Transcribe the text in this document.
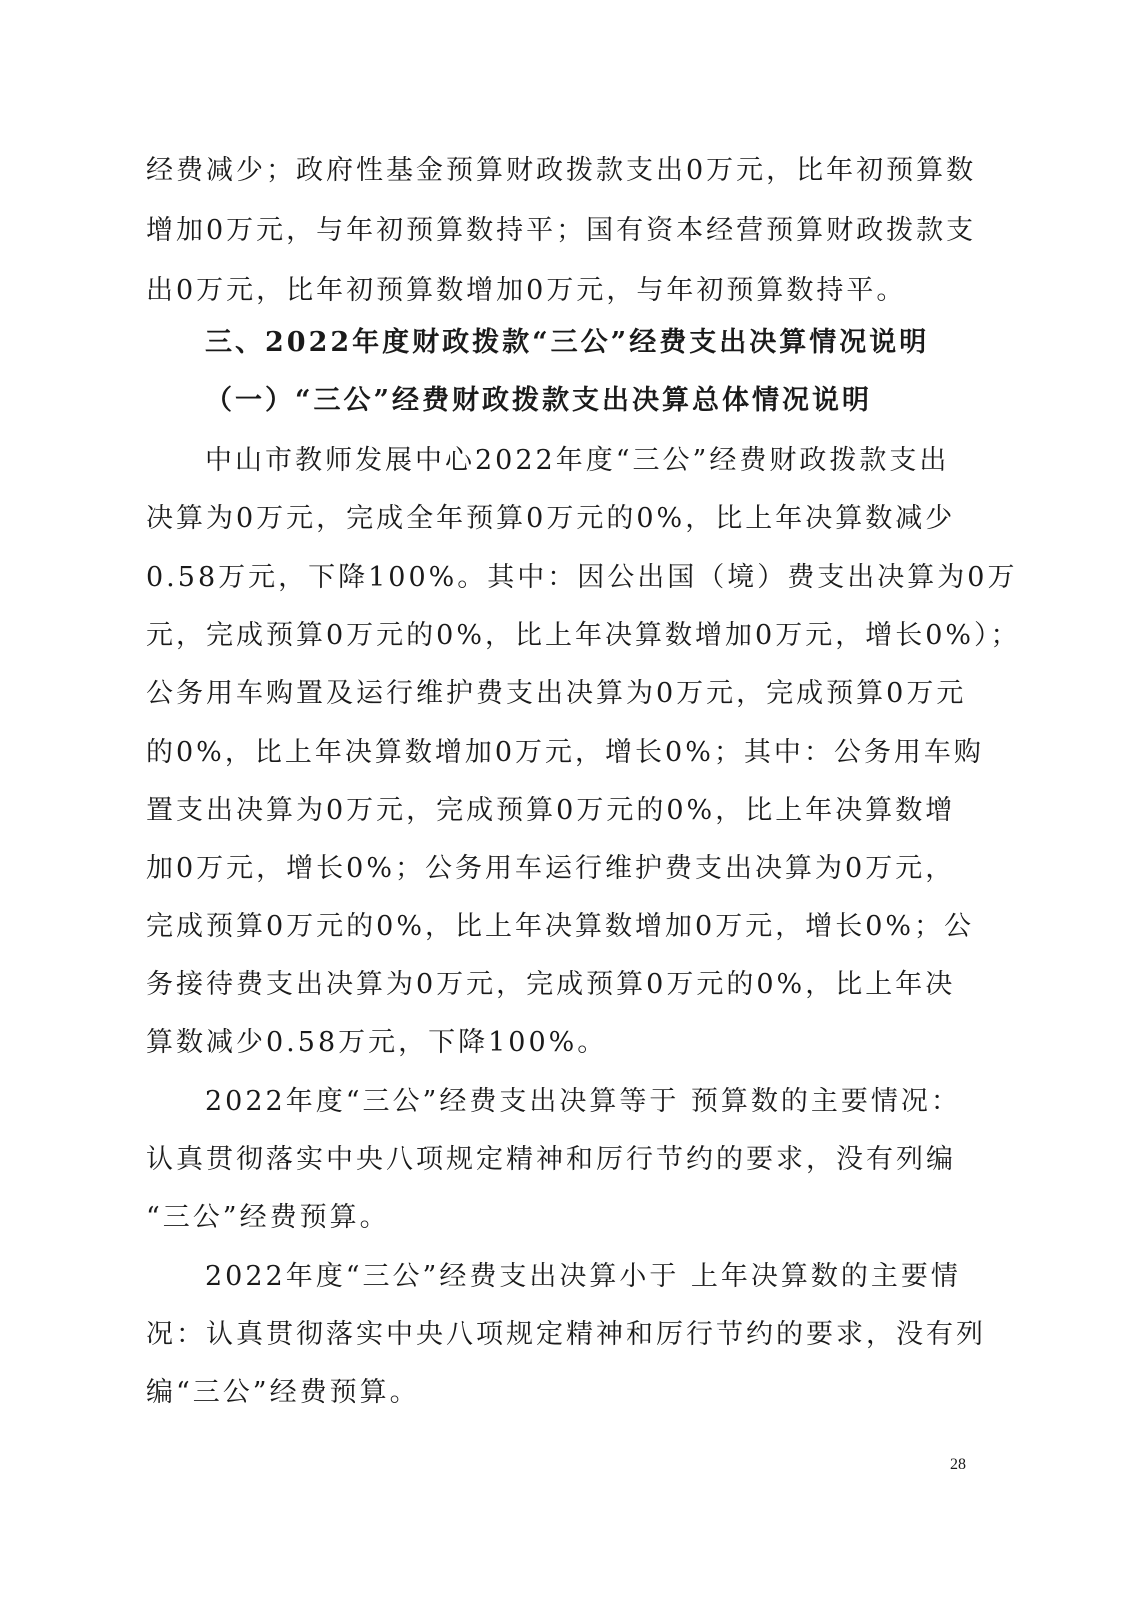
经费减少；政府性基金预算财政拨款支出0万元，比年初预算数
增加0万元，与年初预算数持平；国有资本经营预算财政拨款支
出0万元，比年初预算数增加0万元，与年初预算数持平。
三、2022年度财政拨款“三公”经费支出决算情况说明
（一）“三公”经费财政拨款支出决算总体情况说明
中山市教师发展中心2022年度“三公”经费财政拨款支出
决算为0万元，完成全年预算0万元的0%，比上年决算数减少
0.58万元，下降100%。其中：因公出国（境）费支出决算为0万
元，完成预算0万元的0%，比上年决算数增加0万元，增长0%）；
公务用车购置及运行维护费支出决算为0万元，完成预算0万元
的0%，比上年决算数增加0万元，增长0%；其中：公务用车购
置支出决算为0万元，完成预算0万元的0%，比上年决算数增
加0万元，增长0%；公务用车运行维护费支出决算为0万元，
完成预算0万元的0%，比上年决算数增加0万元，增长0%；公
务接待费支出决算为0万元，完成预算0万元的0%，比上年决
算数减少0.58万元，下降100%。
2022年度“三公”经费支出决算等于 预算数的主要情况：
认真贯彻落实中央八项规定精神和厉行节约的要求，没有列编
“三公”经费预算。
2022年度“三公”经费支出决算小于 上年决算数的主要情
况：认真贯彻落实中央八项规定精神和厉行节约的要求，没有列
编“三公”经费预算。
28
